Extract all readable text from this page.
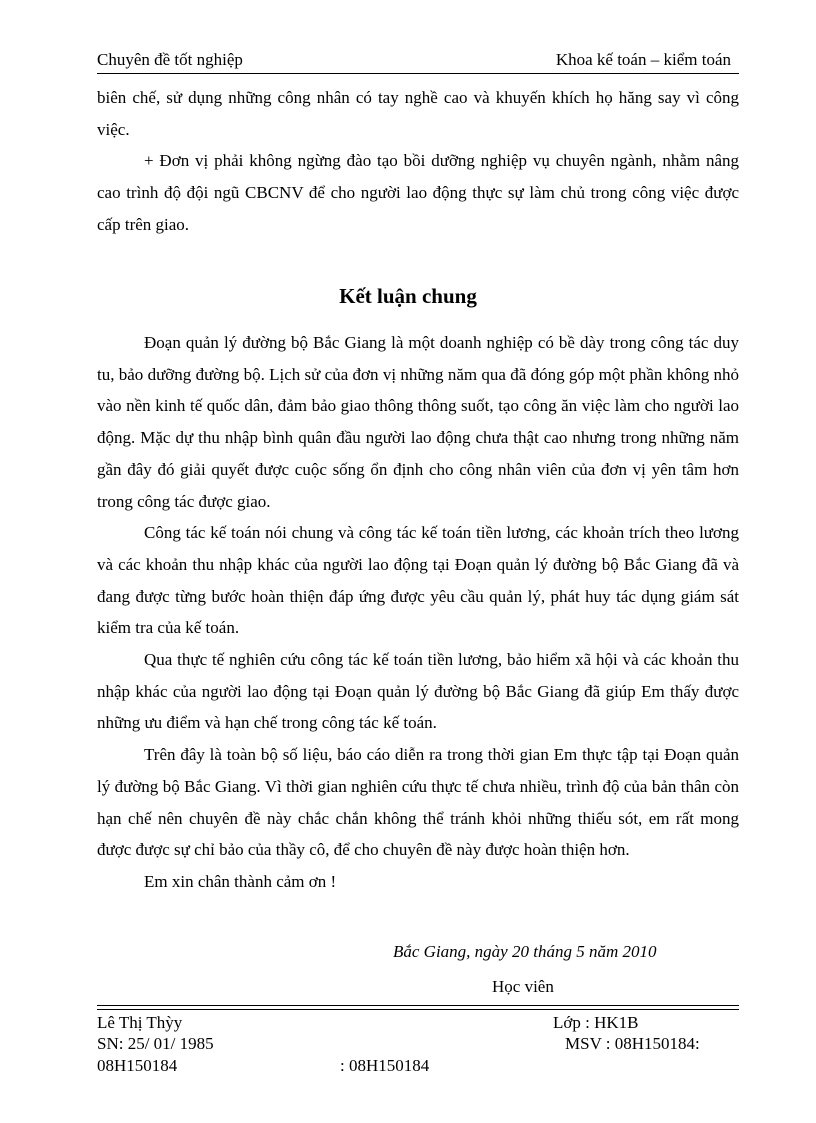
Chuyên đề tốt nghiệp	Khoa kế toán – kiểm toán

biên chế, sử dụng những công nhân có tay nghề cao và khuyến khích họ hăng say vì công việc.

+ Đơn vị phải không ngừng đào tạo bồi dưỡng nghiệp vụ chuyên ngành, nhằm nâng cao trình độ đội ngũ CBCNV để cho người lao động thực sự làm chủ trong công việc được cấp trên giao.

Kết luận chung

Đoạn quản lý đường bộ Bắc Giang là một doanh nghiệp có bề dày trong công tác duy tu, bảo dưỡng đường bộ. Lịch sử của đơn vị những năm qua đã đóng góp một phần không nhỏ vào nền kinh tế quốc dân, đảm bảo giao thông thông suốt, tạo công ăn việc làm cho người lao động. Mặc dự thu nhập bình quân đầu người lao động chưa thật cao nhưng trong những năm gần đây đó giải quyết được cuộc sống ổn định cho công nhân viên của đơn vị yên tâm hơn trong công tác được giao.

Công tác kế toán nói chung và công tác kế toán tiền lương, các khoản trích theo lương và các khoản thu nhập khác của người lao động tại Đoạn quản lý đường bộ Bắc Giang đã và đang được từng bước hoàn thiện đáp ứng được yêu cầu quản lý, phát huy tác dụng giám sát kiểm tra của kế toán.

Qua thực tế nghiên cứu công tác kế toán tiền lương, bảo hiểm xã hội và các khoản thu nhập khác của người lao động tại Đoạn quản lý đường bộ Bắc Giang đã giúp Em thấy được những ưu điểm và hạn chế trong công tác kế toán.

Trên đây là toàn bộ số liệu, báo cáo diễn ra trong thời gian Em thực tập tại Đoạn quản lý đường bộ Bắc Giang. Vì thời gian nghiên cứu thực tế chưa nhiều, trình độ của bản thân còn hạn chế nên chuyên đề này chắc chắn không thể tránh khỏi những thiếu sót, em rất mong được được sự chỉ bảo của thầy cô, để cho chuyên đề này được hoàn thiện hơn.

Em xin chân thành cảm ơn !

Bắc Giang, ngày 20 tháng 5 năm 2010
Học viên
Lê Thị Thỳy	Lớp : HK1B
SN: 25/ 01/ 1985	MSV : 08H150184:
08H150184	: 08H150184
